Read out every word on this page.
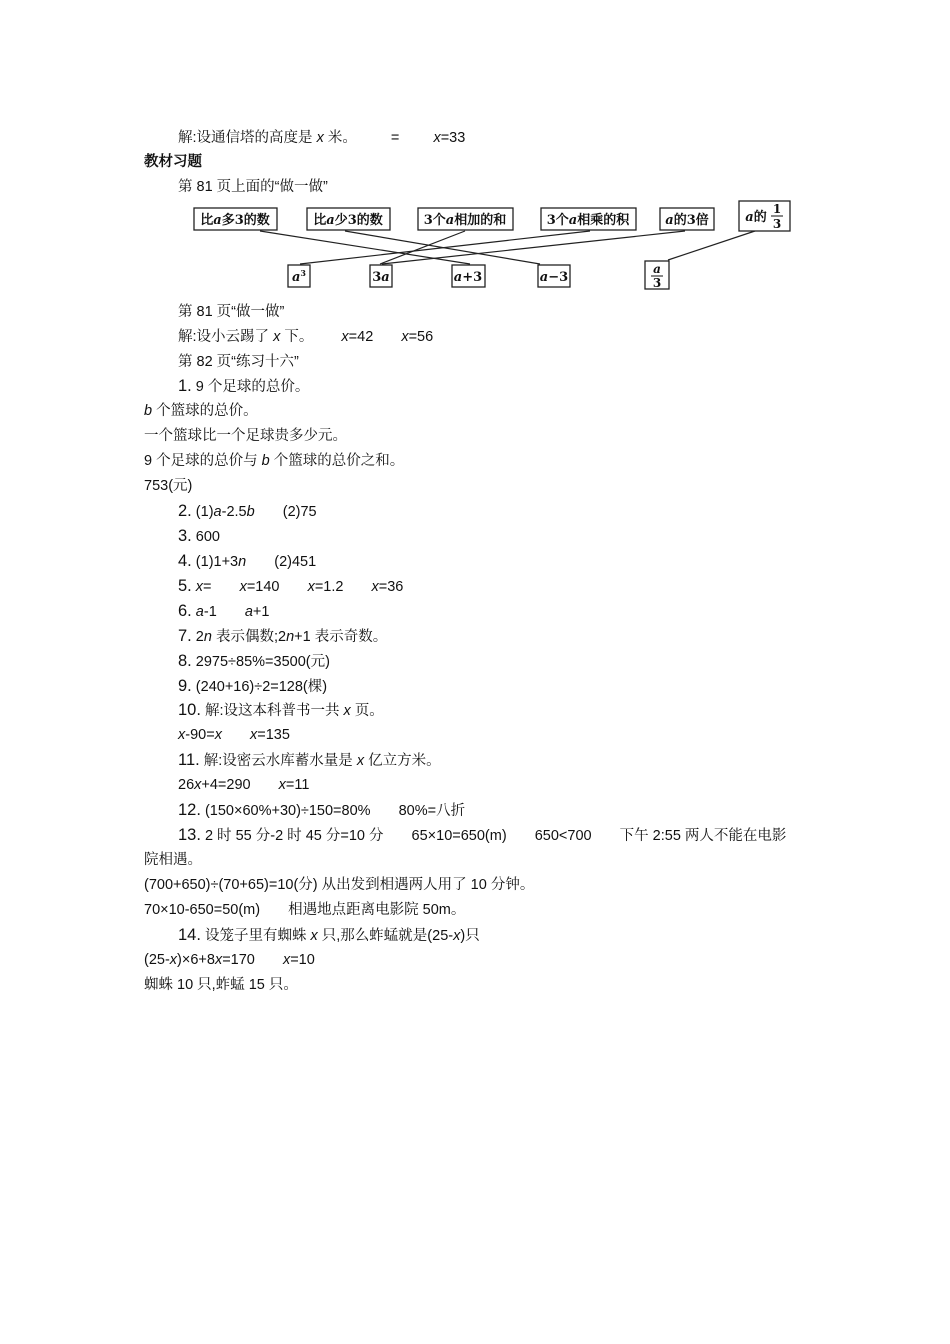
解:设通信塔的高度是 x 米。 = x=33
教材习题
第 81 页上面的“做一做”
比a多3的数	比a少3的数	3个a相加的和	3个a相乘的积	a的3倍	a的
1
3
$a^3$	3a	a+3	a−3
a
3
第 81 页“做一做”
解:设小云踢了 x 下。 x=42 x=56
第 82 页“练习十六”
1. 9 个足球的总价。
b 个篮球的总价。
一个篮球比一个足球贵多少元。
9 个足球的总价与 b 个篮球的总价之和。
753(元)
2. (1)a-2.5b (2)75
3. 600
4. (1)1+3n (2)451
5. x= x=140 x=1.2 x=36
6. a-1 a+1
7. 2n 表示偶数;2n+1 表示奇数。
8. 2975÷85%=3500(元)
9. (240+16)÷2=128(棵)
10. 解:设这本科普书一共 x 页。
x-90=x x=135
11. 解:设密云水库蓄水量是 x 亿立方米。
26x+4=290 x=11
12. (150×60%+30)÷150=80% 80%=八折
13. 2 时 55 分-2 时 45 分=10 分 65×10=650(m) 650<700 下午 2:55 两人不能在电影
院相遇。
(700+650)÷(70+65)=10(分) 从出发到相遇两人用了 10 分钟。
70×10-650=50(m) 相遇地点距离电影院 50m。
14. 设笼子里有蜘蛛 x 只,那么蚱蜢就是(25-x)只
(25-x)×6+8x=170 x=10
蜘蛛 10 只,蚱蜢 15 只。
